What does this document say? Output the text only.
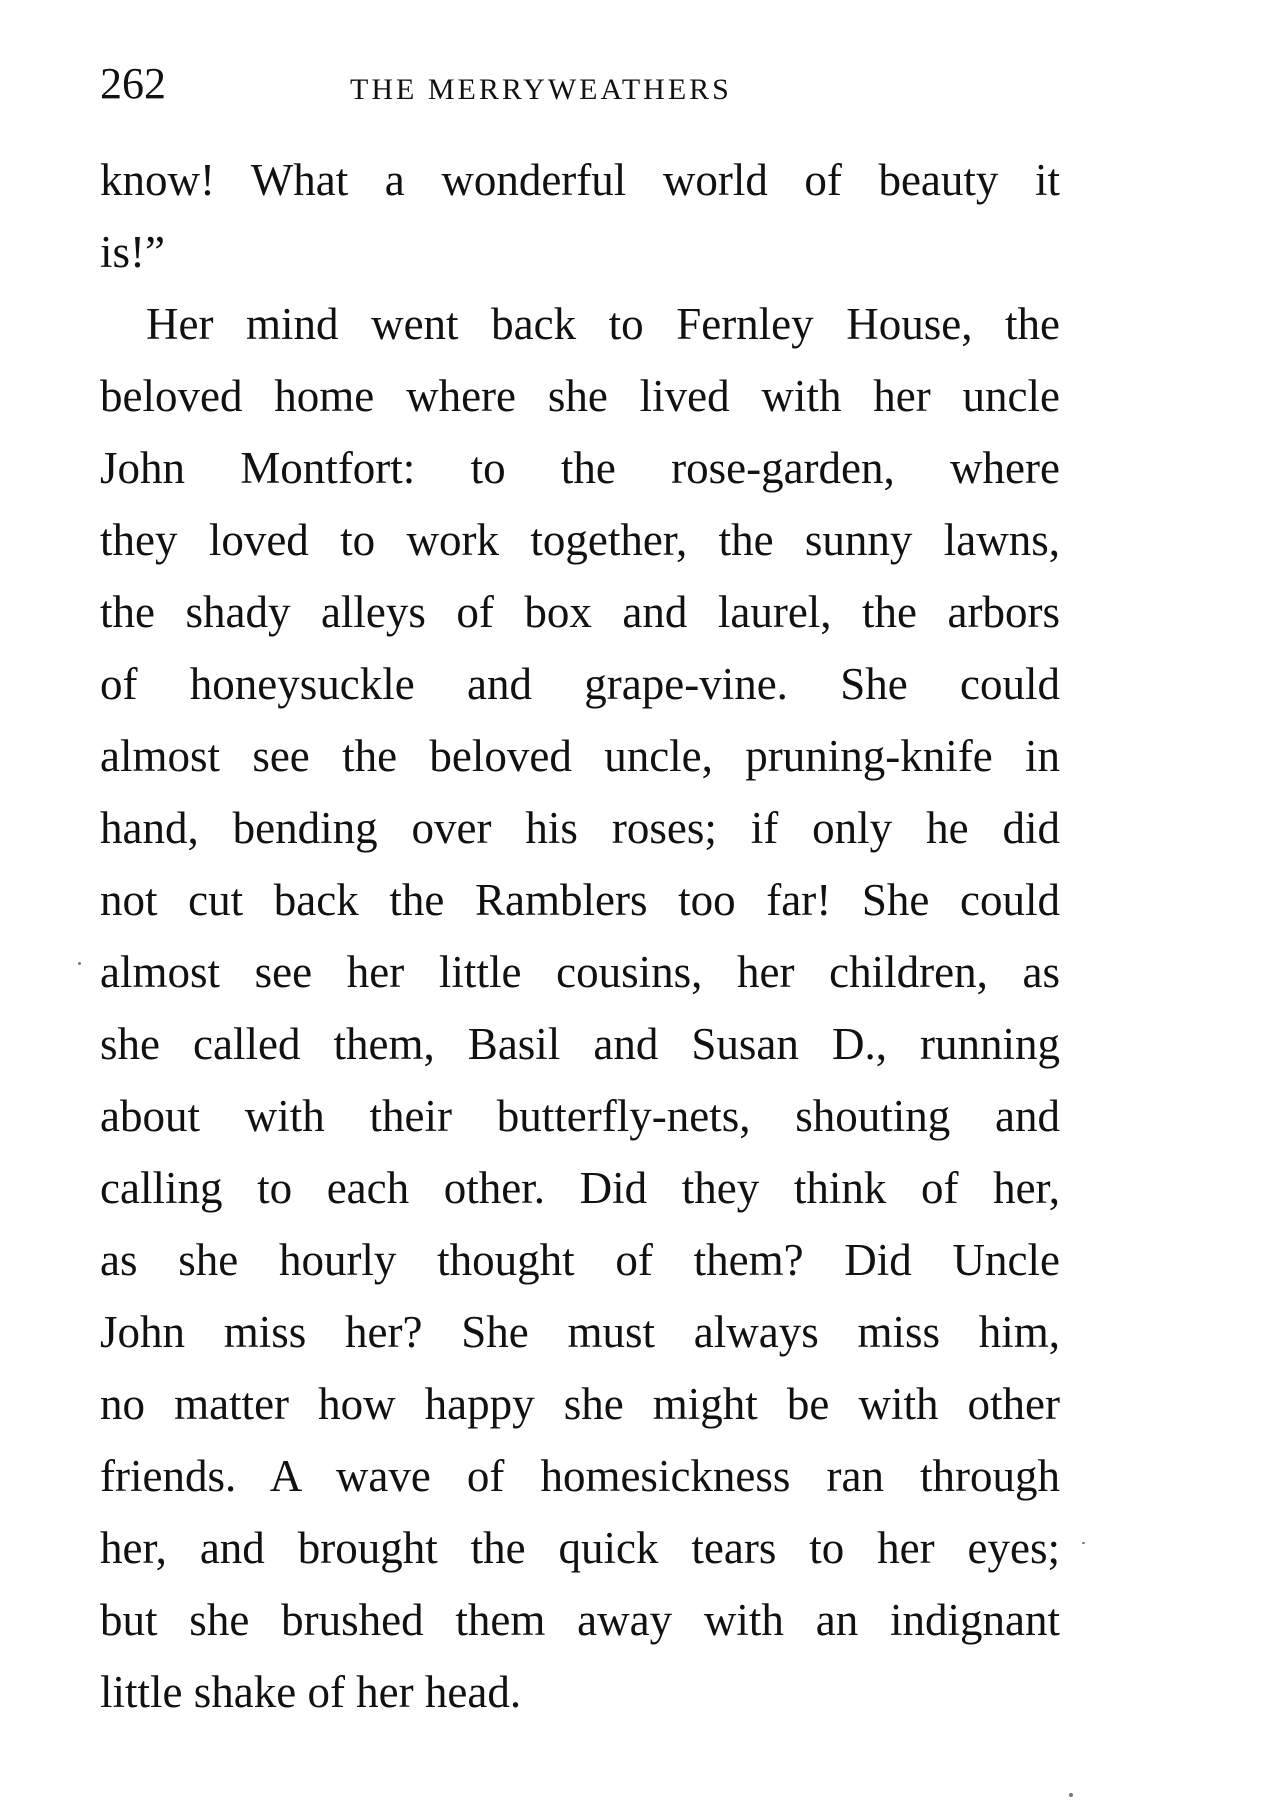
262	THE MERRYWEATHERS
know! What a wonderful world of beauty it
is!”
Her mind went back to Fernley House, the
beloved home where she lived with her uncle
John Montfort: to the rose-garden, where
they loved to work together, the sunny lawns,
the shady alleys of box and laurel, the arbors
of honeysuckle and grape-vine. She could
almost see the beloved uncle, pruning-knife in
hand, bending over his roses; if only he did
not cut back the Ramblers too far! She could
almost see her little cousins, her children, as
she called them, Basil and Susan D., running
about with their butterfly-nets, shouting and
calling to each other. Did they think of her,
as she hourly thought of them? Did Uncle
John miss her? She must always miss him,
no matter how happy she might be with other
friends. A wave of homesickness ran through
her, and brought the quick tears to her eyes;
but she brushed them away with an indignant
little shake of her head.
